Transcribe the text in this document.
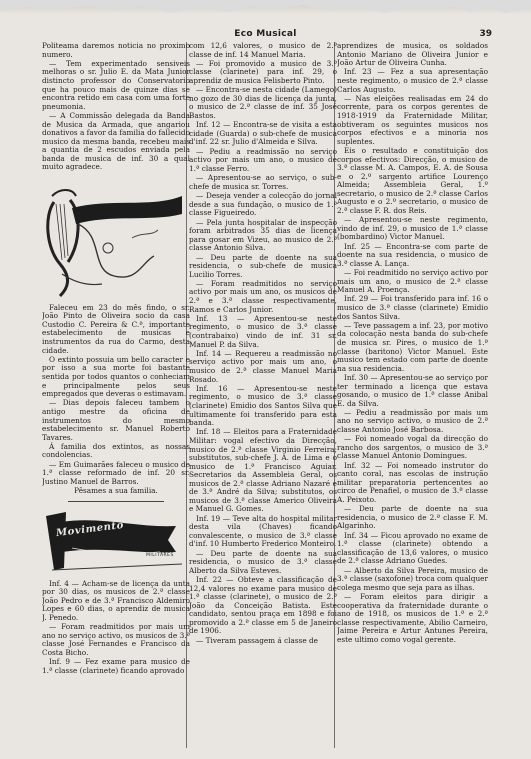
Eco Musical	39

Politeama daremos noticia no proximo numero.

— Tem experimentado sensiveis melhoras o sr. Julio E. da Mata Junior distincto professor do Conservatorio que ha pouco mais de quinze dias se encontra retido em casa com uma forte pneumonia.

— A Commissão delegada da Banda de Musica da Armada, que angariou donativos a favor da familia do fallecido musico da mesma banda, recebeu mais a quantia de 2 escudos enviada pela banda de musica de inf. 30 a qual muito agradece.

Necrologia

Faleceu em 23 do mês findo, o sr. João Pinto de Oliveira socio da casa Custodio C. Pereira & C.ª, importante estabelecimento de musicas e instrumentos da rua do Carmo, desta cidade.

O extinto possuia um bello caracter e por isso a sua morte foi bastante sentida por todos quantos o conheciam e principalmente pelos seus empregados que deveras o estimavam.

— Dias depois faleceu tambem o antigo mestre da oficina de instrumentos do mesmo estabelecimento sr. Manuel Roberto Tavares.

Á familia dos extintos, as nossas condolencias.

— Em Guimarães faleceu o musico de 1.ª classe reformado de inf. 20 sr. Justino Manuel de Barros.

Pêsames a sua familia.

Movimento
MILITARES

Inf. 4 — Acham-se de licença da unta por 30 dias, os musicos de 2.ª classe João Pedro e de 3.ª Francisco Aldemiro Lopes e 60 dias, o aprendiz de musica J. Penedo.

— Foram readmitidos por mais um ano no serviço activo, os musicos de 3.ª classe José Fernandes e Francisco da Costa Bicho.

Inf. 9 — Fez exame para musico de 1.ª classe (clarinete) ficando aprovado

com 12,6 valores, o musico de 2.ª classe de inf. 14 Manuel Maria.

— Foi promovido a musico de 3.ª classe (clarinete) para inf. 29, o aprendiz de musica Felisberto Pinto.

— Encontra-se nesta cidade (Lamego) no gozo de 30 dias de licença da junta, o musico de 2.ª classe de inf. 35 José Bastos.

Inf. 12 — Encontra-se de visita a esta cidade (Guarda) o sub-chefe de musica d'inf. 22 sr. Julio d'Almeida e Silva.

— Pediu a readmissão no serviço activo por mais um ano, o musico de 1.ª classe Ferro.

— Apresentou-se ao serviço, o sub-chefe de musica sr. Torres.

— Deseja vender a colecção do jornal desde a sua fundação, o musico de 1.ª classe Figueiredo.

— Pela junta hospitalar de inspecção foram arbitrados 35 dias de licença para gosar em Vizeu, ao musico de 2.ª classe Antonio Silva.

— Deu parte de doente na sua residencia, o sub-chefe de musica Lucilio Torres.

— Foram readmitidos no serviço activo por mais um ano, os musicos de 2.ª e 3.ª classe respectivamente, Ramos e Carlos Junior.

Inf. 13 — Apresentou-se neste regimento, o musico de 3.ª classe (contrabaixo) vindo de inf. 31 sr. Manuel P. da Silva.

Inf. 14 — Requereu a readmissão no serviço activo por mais um ano, o musico de 2.ª classe Manuel Maria Rosado.

Inf. 16 — Apresentou-se neste regimento, o musico de 3.ª classe (clarinete) Emidio dos Santos Silva que ultimamente foi transferido para esta banda.

Inf. 18 — Eleitos para a Fraternidade Militar: vogal efectivo da Direcção, musico de 2.ª classe Virginio Ferreira; substitutos, sub-chefe J. A. de Lima e o musico de 1.ª Francisco Aguiar. Secretarios da Assembleia Geral, os musicos de 2.ª classe Adriano Nazaré e de 3.ª André da Silva; substitutos, os musicos de 3.ª classe Americo Oliveira e Manuel G. Gomes.

Inf. 19 — Teve alta do hospital militar desta vila (Chaves) ficando convalescente, o musico de 3.ª classe d'inf. 10 Humberto Frederico Monteiro.

— Deu parte de doente na sua residencia, o musico de 3.ª classe Alberto da Silva Esteves.

Inf. 22 — Obteve a classificação de 12,4 valores no exame para musico de 1.ª classe (clarinete), o musico de 2.ª João da Conceição Batista. Este candidato, sentou praça em 1898 e foi promovido a 2.ª classe em 5 de Janeiro de 1906.

— Tiveram passagem á classe de

aprendizes de musica, os soldados Antonio Mariano de Oliveira Junior e João Artur de Oliveira Cunha.

Inf. 23 — Fez a sua apresentação neste regimento, o musico de 2.ª classe Carlos Augusto.

— Nas eleições realisadas em 24 do corrente, para os corpos gerentes de 1918-1919 da Fraternidade Militar, obtiveram os seguintes musicos nos corpos efectivos e a minoria nos suplentes.

Eis o resultado e constituição dos corpos efectivos: Direcção, o musico de 3.ª classe M. A. Campos, E. A. de Sousa e o 2.º sargento artifice Lourenço Almeida; Assembleia Geral, 1.º secretario, o musico de 2.ª classe Carlos Augusto e o 2.º secretario, o musico de 2.ª classe F. R. dos Reis.

— Apresentou-se neste regimento, vindo de inf. 29, o musico de 1.ª classe (bombardino) Victor Manuel.

Inf. 25 — Encontra-se com parte de doente na sua residencia, o musico de 3.ª classe A. Lança.

— Foi readmitido no serviço activo por mais um ano, o musico de 2.ª classe Manuel A. Proença.

Inf. 29 — Foi transferido para inf. 16 o musico de 3.ª classe (clarinete) Emidio dos Santos Silva.

— Teve passagem a inf. 23, por motivo da colocação nesta banda do sub-chefe de musica sr. Pires, o musico de 1.ª classe (baritono) Victor Manuel. Este musico tem estado com parte de doente na sua residencia.

Inf. 30 — Apresentou-se ao serviço por ter terminado a licença que estava gosando, o musico de 1.ª classe Anibal E. da Silva.

— Pediu a readmissão por mais um ano no serviço activo, o musico de 2.ª classe Antonio José Barbosa.

— Foi nomeado vogal da direcção do rancho dos sargentos, o musico de 3.ª classe Manuel Antonio Domingues.

Inf. 32 — Foi nomeado instrutor do canto coral, nas escolas de instrução militar preparatoria pertencentes ao circo de Penafiel, o musico de 3.ª classe A. Peixoto.

— Deu parte de doente na sua residencia, o musico de 2.ª classe F. M. Algarinho.

Inf. 34 — Ficou aprovado no exame de 1.ª classe (clarinete) obtendo a classificação de 13,6 valores, o musico de 2.ª classe Adriano Guedes.

— Alberto da Silva Pereira, musico de 3.ª classe (saxofone) troca com qualquer colega mesmo que seja para as ilhas.

— Foram eleitos para dirigir a cooperativa da fraternidade durante o ano de 1918, os musicos de 1.ª e 2.ª classe respectivamente, Abilio Carneiro, Jaime Pereira e Artur Antunes Pereira, este ultimo como vogal gerente.
